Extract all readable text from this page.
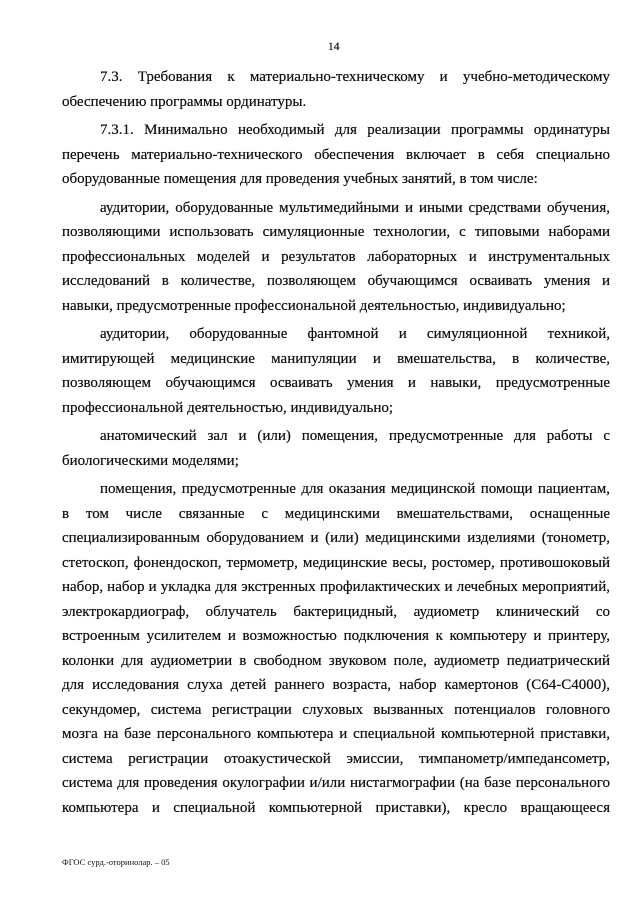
14
7.3. Требования к материально-техническому и учебно-методическому
обеспечению программы ординатуры.
7.3.1. Минимально необходимый для реализации программы ординатуры
перечень материально-технического обеспечения включает в себя специально
оборудованные помещения для проведения учебных занятий, в том числе:
аудитории, оборудованные мультимедийными и иными средствами обучения,
позволяющими использовать симуляционные технологии, с типовыми наборами
профессиональных моделей и результатов лабораторных и инструментальных
исследований в количестве, позволяющем обучающимся осваивать умения и
навыки, предусмотренные профессиональной деятельностью, индивидуально;
аудитории, оборудованные фантомной и симуляционной техникой,
имитирующей медицинские манипуляции и вмешательства, в количестве,
позволяющем обучающимся осваивать умения и навыки, предусмотренные
профессиональной деятельностью, индивидуально;
анатомический зал и (или) помещения, предусмотренные для работы с
биологическими моделями;
помещения, предусмотренные для оказания медицинской помощи пациентам,
в том числе связанные с медицинскими вмешательствами, оснащенные
специализированным оборудованием и (или) медицинскими изделиями (тонометр,
стетоскоп, фонендоскоп, термометр, медицинские весы, ростомер, противошоковый
набор, набор и укладка для экстренных профилактических и лечебных мероприятий,
электрокардиограф, облучатель бактерицидный, аудиометр клинический со
встроенным усилителем и возможностью подключения к компьютеру и принтеру,
колонки для аудиометрии в свободном звуковом поле, аудиометр педиатрический
для исследования слуха детей раннего возраста, набор камертонов (C64-C4000),
секундомер, система регистрации слуховых вызванных потенциалов головного
мозга на базе персонального компьютера и специальной компьютерной приставки,
система регистрации отоакустической эмиссии, тимпанометр/импедансометр,
система для проведения окулографии и/или нистагмографии (на базе персонального
компьютера и специальной компьютерной приставки), кресло вращающееся
ФГОС сурд.-оторинолар. – 05
